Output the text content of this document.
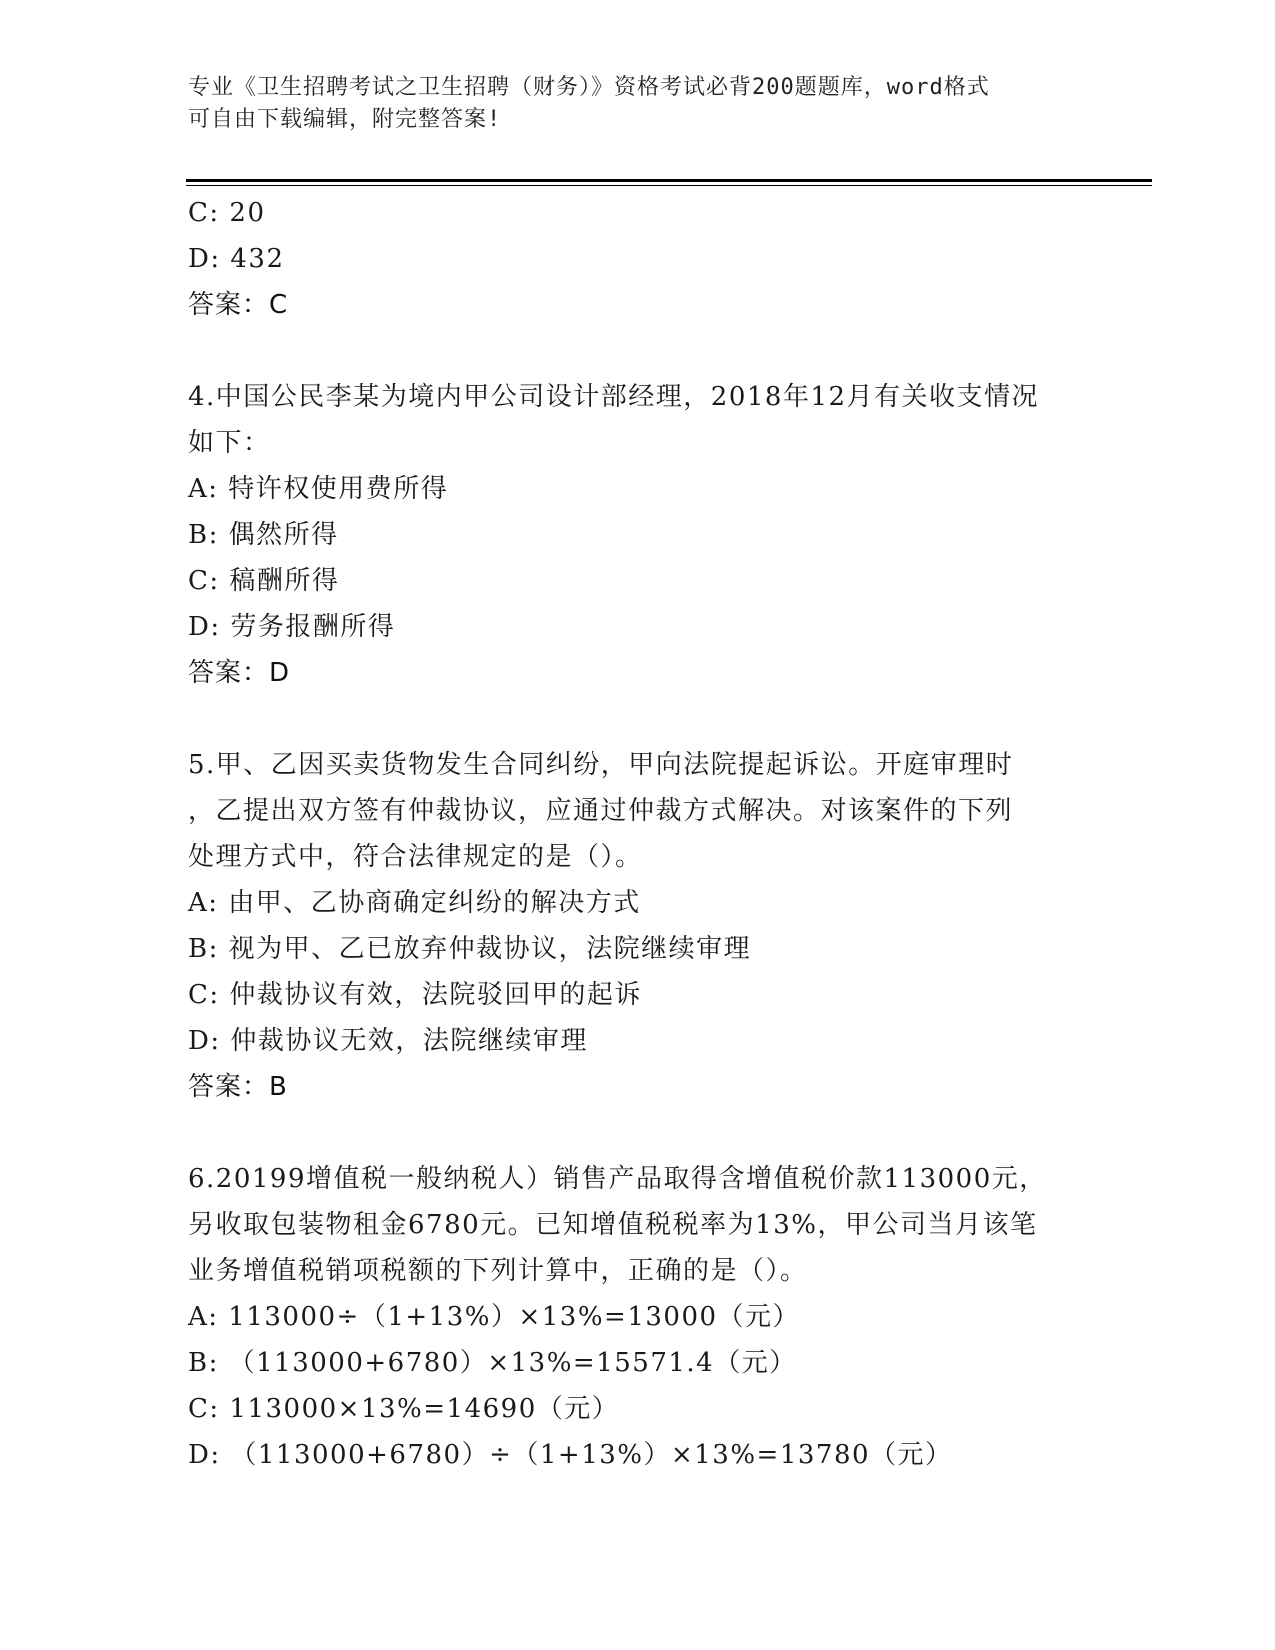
专业《卫生招聘考试之卫生招聘（财务）》资格考试必背200题题库，word格式
可自由下载编辑，附完整答案!
C: 20
D: 432
答案：C
4.中国公民李某为境内甲公司设计部经理，2018年12月有关收支情况
如下：
A: 特许权使用费所得
B: 偶然所得
C: 稿酬所得
D: 劳务报酬所得
答案：D
5.甲、乙因买卖货物发生合同纠纷，甲向法院提起诉讼。开庭审理时
，乙提出双方签有仲裁协议，应通过仲裁方式解决。对该案件的下列
处理方式中，符合法律规定的是（）。
A: 由甲、乙协商确定纠纷的解决方式
B: 视为甲、乙已放弃仲裁协议，法院继续审理
C: 仲裁协议有效，法院驳回甲的起诉
D: 仲裁协议无效，法院继续审理
答案：B
6.20199增值税一般纳税人）销售产品取得含增值税价款113000元，
另收取包装物租金6780元。已知增值税税率为13%，甲公司当月该笔
业务增值税销项税额的下列计算中，正确的是（）。
A: 113000÷（1+13%）×13%=13000（元）
B: （113000+6780）×13%=15571.4（元）
C: 113000×13%=14690（元）
D: （113000+6780）÷（1+13%）×13%=13780（元）
